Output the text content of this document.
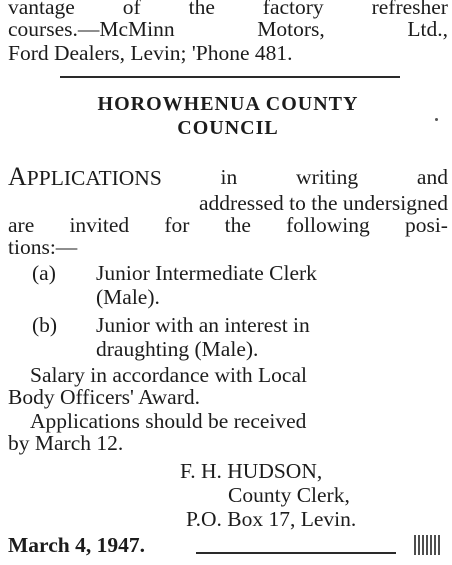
vantage of the factory refresher
courses.—McMinn	Motors,	Ltd.,
Ford Dealers, Levin; 'Phone 481.
HOROWHENUA COUNTY
COUNCIL
APPLICATIONS	in	writing	and
addressed to the undersigned
are invited for the following posi-
tions:—
(a)	Junior Intermediate Clerk
(Male).
(b)	Junior with an interest in
draughting (Male).
Salary in accordance with Local
Body Officers' Award.
Applications should be received
by March 12.
F. H. HUDSON,
County Clerk,
P.O. Box 17, Levin.
March 4, 1947.
